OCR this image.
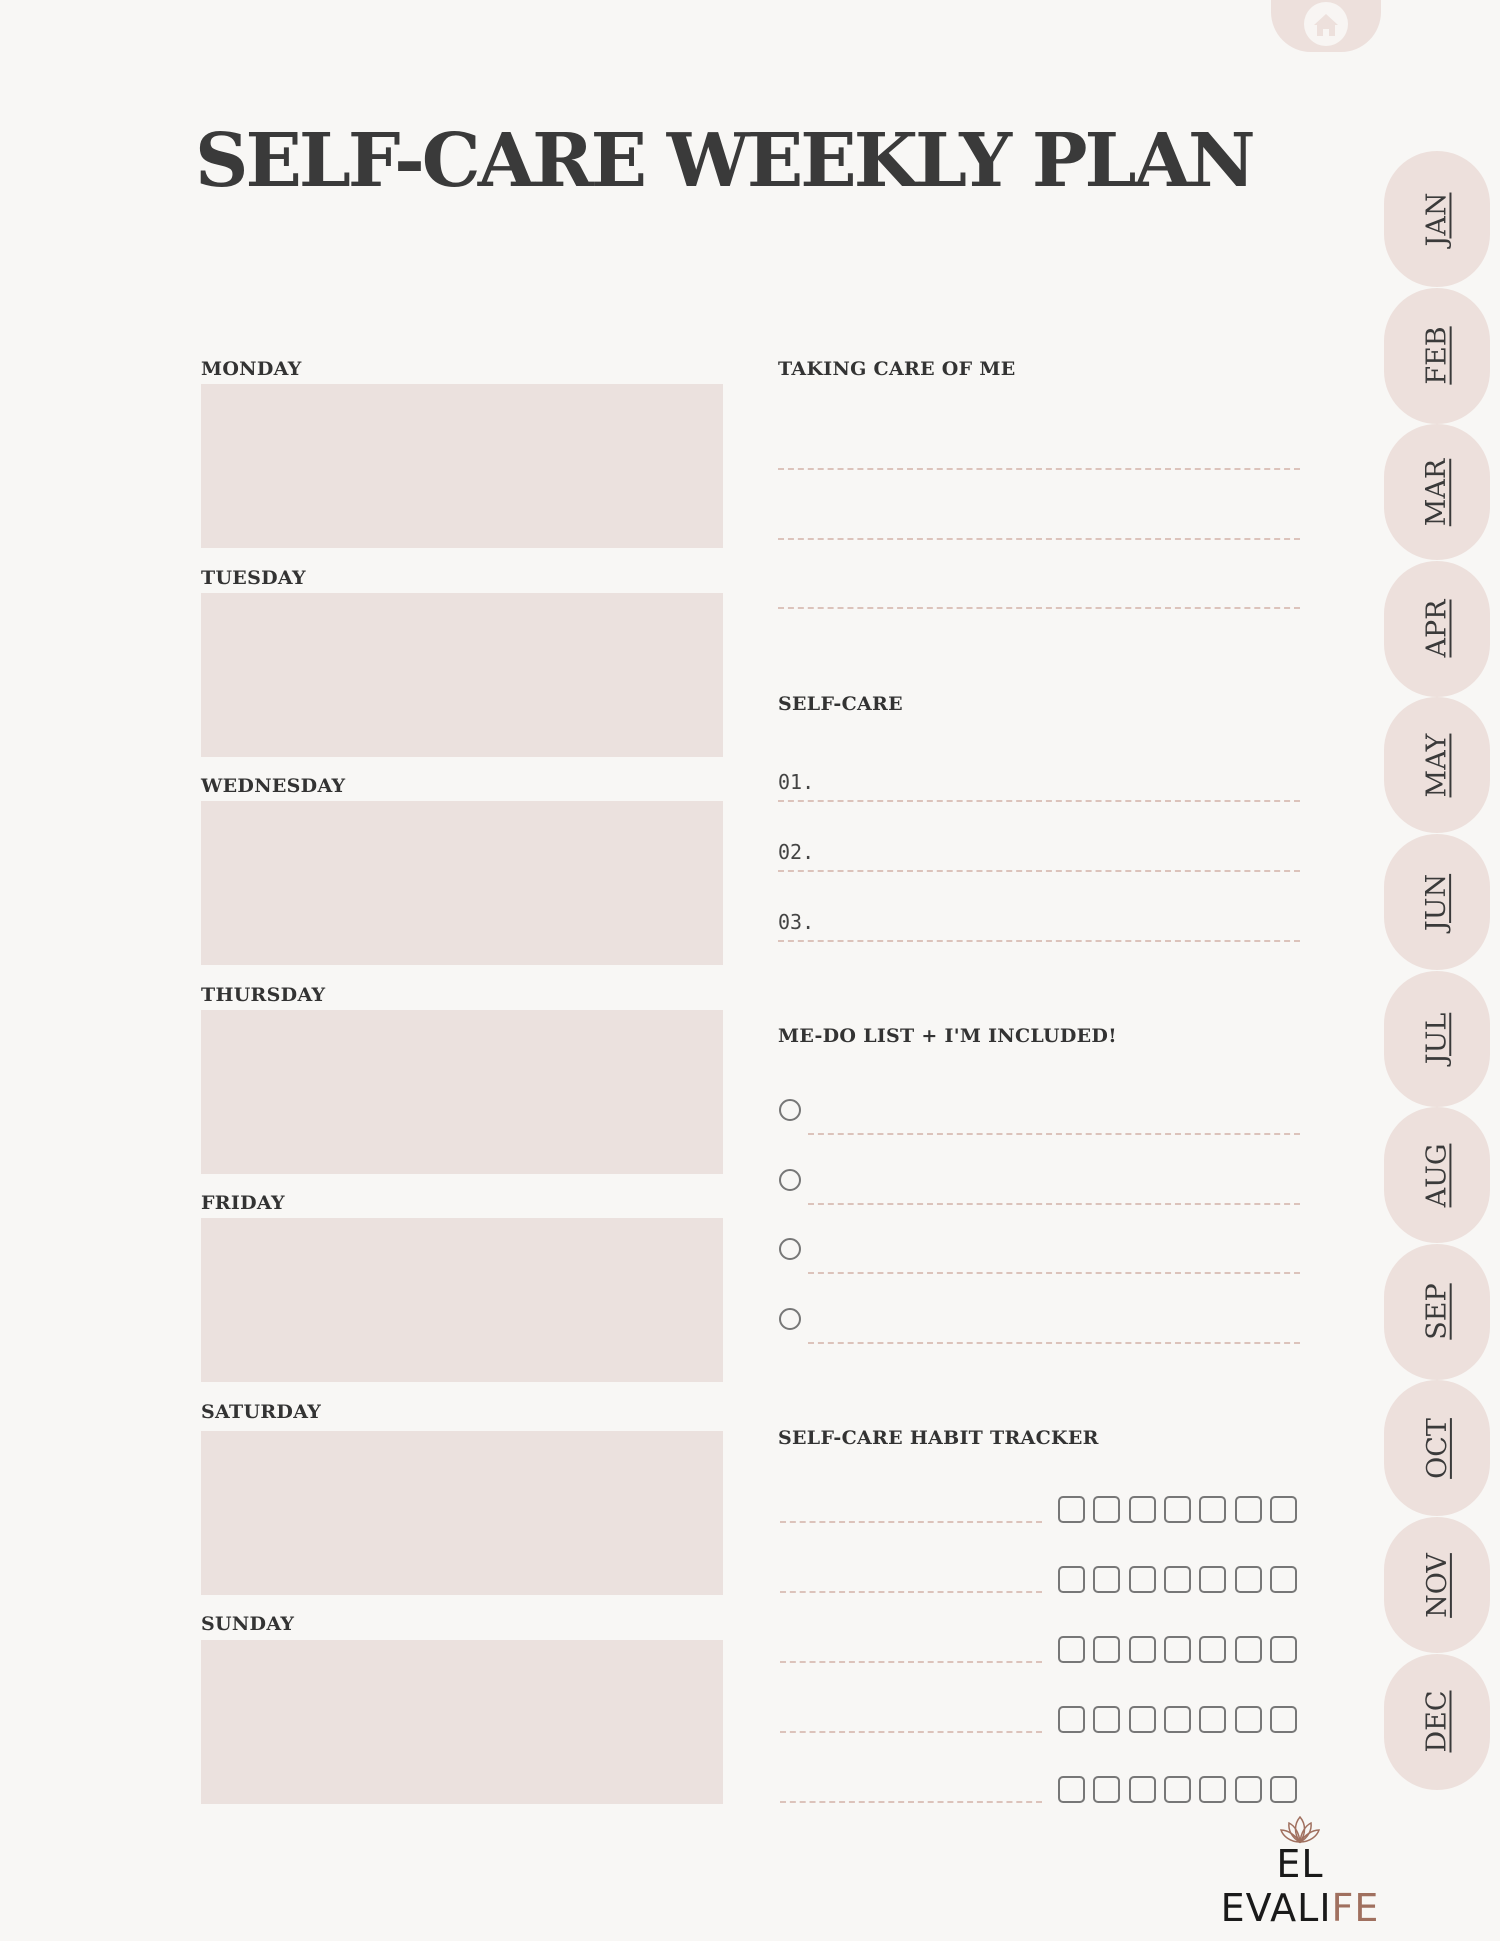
SELF-CARE WEEKLY PLAN
MONDAY
TUESDAY
WEDNESDAY
THURSDAY
FRIDAY
SATURDAY
SUNDAY
TAKING CARE OF ME
SELF-CARE
01.
02.
03.
ME-DO LIST + I'M INCLUDED!
SELF-CARE HABIT TRACKER
JAN
FEB
MAR
APR
MAY
JUN
JUL
AUG
SEP
OCT
NOV
DEC
EL EVALIFE
